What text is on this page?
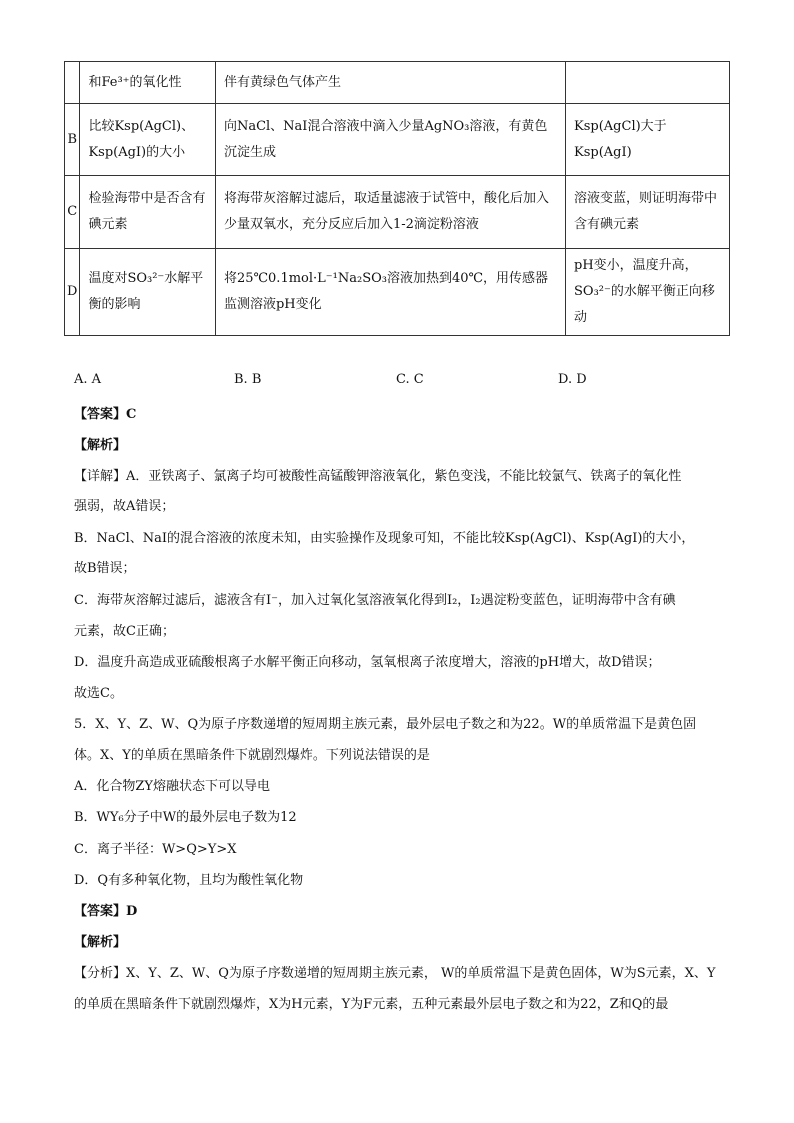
	和Fe³⁺的氧化性	伴有黄绿色气体产生	
B	比较Ksp(AgCl)、Ksp(AgI)的大小	向NaCl、NaI混合溶液中滴入少量AgNO₃溶液，有黄色沉淀生成	Ksp(AgCl)大于Ksp(AgI)
C	检验海带中是否含有碘元素	将海带灰溶解过滤后，取适量滤液于试管中，酸化后加入少量双氧水，充分反应后加入1-2滴淀粉溶液	溶液变蓝，则证明海带中含有碘元素
D	温度对SO₃²⁻水解平衡的影响	将25℃0.1mol·L⁻¹Na₂SO₃溶液加热到40℃，用传感器监测溶液pH变化	pH变小，温度升高，SO₃²⁻的水解平衡正向移动
A. A	B. B	C. C	D. D
【答案】C
【解析】
【详解】A．亚铁离子、氯离子均可被酸性高锰酸钾溶液氧化，紫色变浅，不能比较氯气、铁离子的氧化性
强弱，故A错误；
B．NaCl、NaI的混合溶液的浓度未知，由实验操作及现象可知，不能比较Ksp(AgCl)、Ksp(AgI)的大小，
故B错误；
C．海带灰溶解过滤后，滤液含有I⁻，加入过氧化氢溶液氧化得到I₂，I₂遇淀粉变蓝色，证明海带中含有碘
元素，故C正确；
D．温度升高造成亚硫酸根离子水解平衡正向移动，氢氧根离子浓度增大，溶液的pH增大，故D错误；
故选C。
5．X、Y、Z、W、Q为原子序数递增的短周期主族元素，最外层电子数之和为22。W的单质常温下是黄色固
体。X、Y的单质在黑暗条件下就剧烈爆炸。下列说法错误的是
A．化合物ZY熔融状态下可以导电
B．WY₆分子中W的最外层电子数为12
C．离子半径：W>Q>Y>X
D．Q有多种氧化物，且均为酸性氧化物
【答案】D
【解析】
【分析】X、Y、Z、W、Q为原子序数递增的短周期主族元素， W的单质常温下是黄色固体，W为S元素，X、Y
的单质在黑暗条件下就剧烈爆炸，X为H元素，Y为F元素，五种元素最外层电子数之和为22，Z和Q的最
